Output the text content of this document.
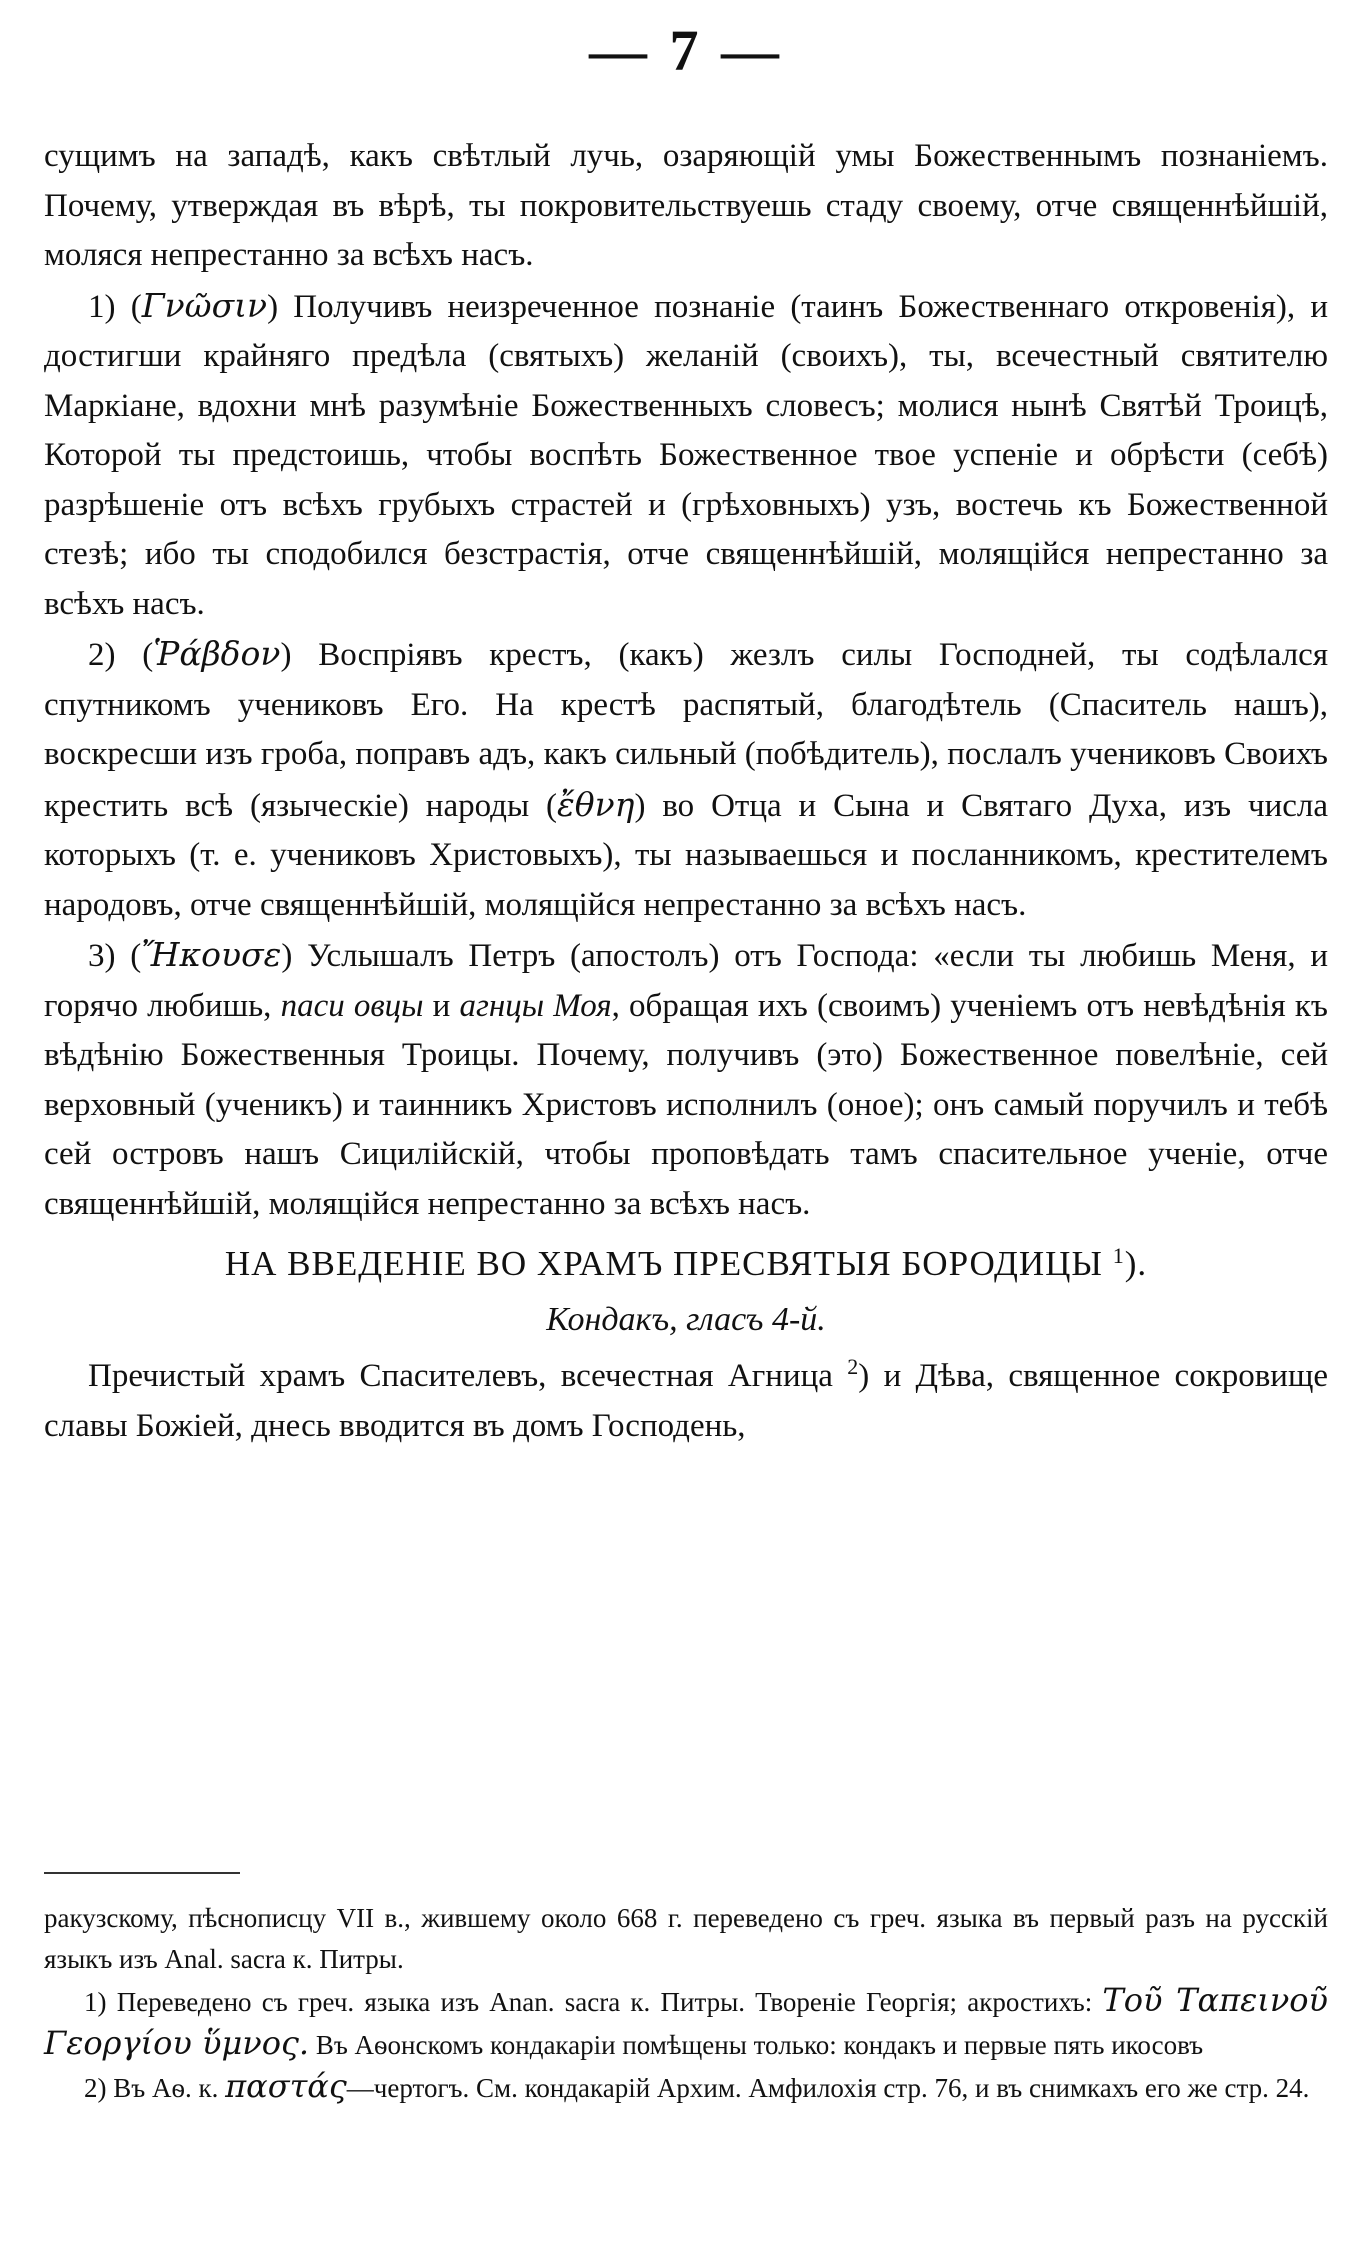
— 7 —

сущимъ на западѣ, какъ свѣтлый лучь, озаряющiй умы Божественнымъ познанiемъ. Почему, утверждая въ вѣрѣ, ты покровительствуешь стаду своему, отче священнѣйшiй, моляся непрестанно за всѣхъ насъ.

1) (Γνῶσιν) Получивъ неизреченное познанiе (таинъ Божественнаго откровенiя), и достигши крайняго предѣла (святыхъ) желанiй (своихъ), ты, всечестный святителю Маркiане, вдохни мнѣ разумѣнiе Божественныхъ словесъ; молися нынѣ Святѣй Троицѣ, Которой ты предстоишь, чтобы воспѣть Божественное твое успенiе и обрѣсти (себѣ) разрѣшенiе отъ всѣхъ грубыхъ страстей и (грѣховныхъ) узъ, востечь къ Божественной стезѣ; ибо ты сподобился безстрастiя, отче священнѣйшiй, молящiйся непрестанно за всѣхъ насъ.

2) (Ῥάβδον) Воспрiявъ крестъ, (какъ) жезлъ силы Господней, ты содѣлался спутникомъ учениковъ Его. На крестѣ распятый, благодѣтель (Спаситель нашъ), воскресши изъ гроба, поправъ адъ, какъ сильный (побѣдитель), послалъ учениковъ Своихъ крестить всѣ (языческiе) народы (ἔθνη) во Отца и Сына и Святаго Духа, изъ числа которыхъ (т. е. учениковъ Христовыхъ), ты называешься и посланникомъ, крестителемъ народовъ, отче священнѣйшiй, молящiйся непрестанно за всѣхъ насъ.

3) (Ἤκουσε) Услышалъ Петръ (апостолъ) отъ Господа: «если ты любишь Меня, и горячо любишь, паси овцы и агнцы Моя, обращая ихъ (своимъ) ученiемъ отъ невѣдѣнiя къ вѣдѣнiю Божественныя Троицы. Почему, получивъ (это) Божественное повелѣнiе, сей верховный (ученикъ) и таинникъ Христовъ исполнилъ (оное); онъ самый поручилъ и тебѣ сей островъ нашъ Сицилiйскiй, чтобы проповѣдать тамъ спасительное ученiе, отче священнѣйшiй, молящiйся непрестанно за всѣхъ насъ.

НА ВВЕДЕНIЕ ВО ХРАМЪ ПРЕСВЯТЫЯ БОРОДИЦЫ $^1$).

Кондакъ, гласъ 4-й.

Пречистый храмъ Спасителевъ, всечестная Агница $^2$) и Дѣва, священное сокровище славы Божiей, днесь вводится въ домъ Господень,

ракузскому, пѣснописцу VII в., жившему около 668 г. переведено съ греч. языка въ первый разъ на русскiй языкъ изъ Anal. sacra к. Питры.

1) Переведено съ греч. языка изъ Anan. sacra к. Питры. Творенiе Георгiя; акростихъ: Τοῦ Ταπεινοῦ Γεοργίου ὕμνος. Въ Аѳонскомъ кондакарiи помѣщены только: кондакъ и первые пять икосовъ

2) Въ Аѳ. к. παστάς—чертогъ. См. кондакарiй Архим. Амфилохiя стр. 76, и въ снимкахъ его же стр. 24.
